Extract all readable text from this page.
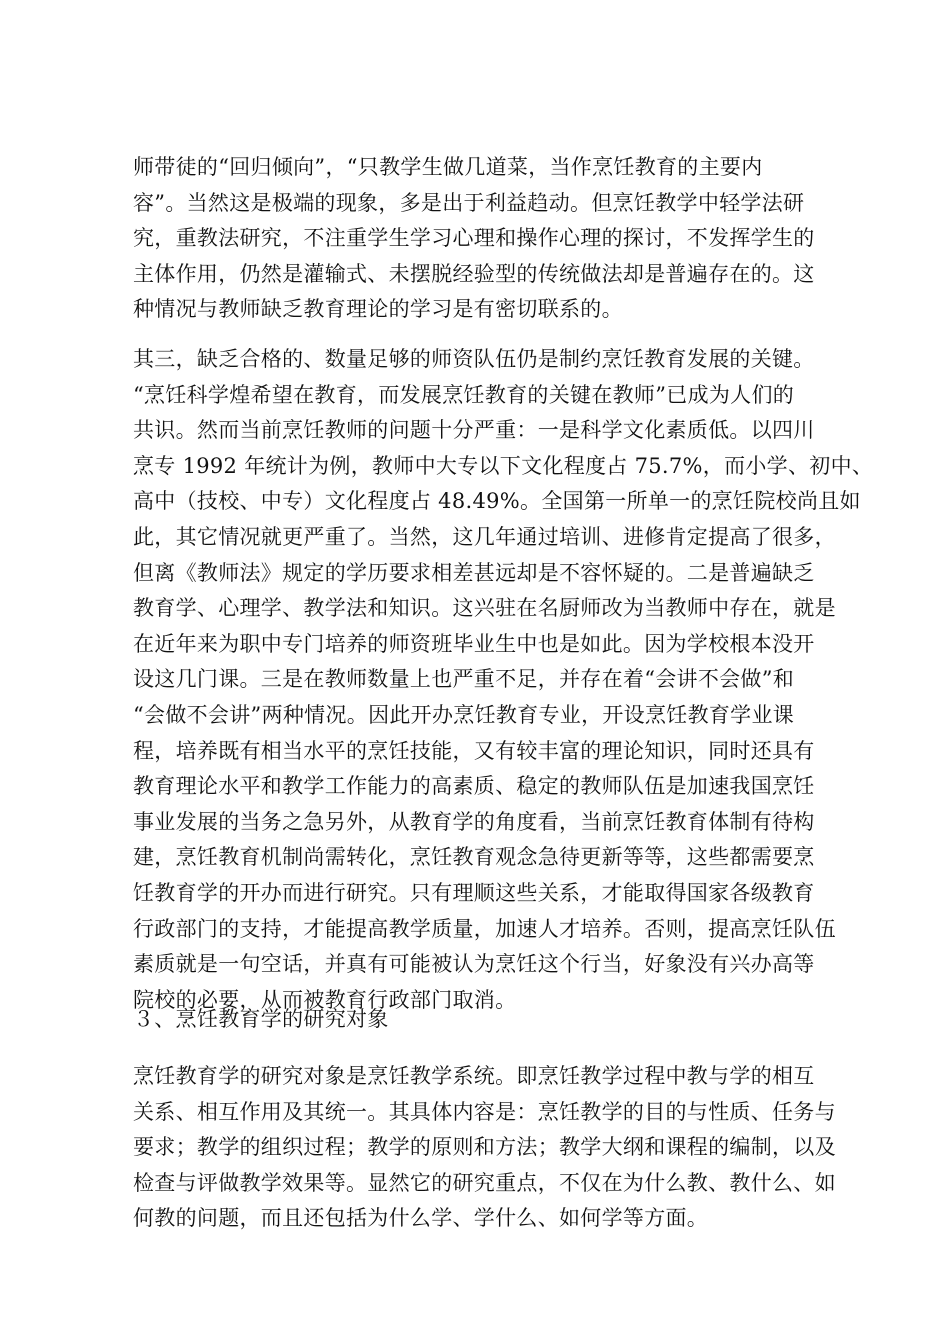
师带徒的“回归倾向”，“只教学生做几道菜，当作烹饪教育的主要内
容”。当然这是极端的现象，多是出于利益趋动。但烹饪教学中轻学法研
究，重教法研究，不注重学生学习心理和操作心理的探讨，不发挥学生的
主体作用，仍然是灌输式、未摆脱经验型的传统做法却是普遍存在的。这
种情况与教师缺乏教育理论的学习是有密切联系的。
其三，缺乏合格的、数量足够的师资队伍仍是制约烹饪教育发展的关键。
“烹饪科学煌希望在教育，而发展烹饪教育的关键在教师”已成为人们的
共识。然而当前烹饪教师的问题十分严重：一是科学文化素质低。以四川
烹专 1992 年统计为例，教师中大专以下文化程度占 75.7%，而小学、初中、
高中（技校、中专）文化程度占 48.49%。全国第一所单一的烹饪院校尚且如
此，其它情况就更严重了。当然，这几年通过培训、进修肯定提高了很多，
但离《教师法》规定的学历要求相差甚远却是不容怀疑的。二是普遍缺乏
教育学、心理学、教学法和知识。这兴驻在名厨师改为当教师中存在，就是
在近年来为职中专门培养的师资班毕业生中也是如此。因为学校根本没开
设这几门课。三是在教师数量上也严重不足，并存在着“会讲不会做”和
“会做不会讲”两种情况。因此开办烹饪教育专业，开设烹饪教育学业课
程，培养既有相当水平的烹饪技能，又有较丰富的理论知识，同时还具有
教育理论水平和教学工作能力的高素质、稳定的教师队伍是加速我国烹饪
事业发展的当务之急另外，从教育学的角度看，当前烹饪教育体制有待构
建，烹饪教育机制尚需转化，烹饪教育观念急待更新等等，这些都需要烹
饪教育学的开办而进行研究。只有理顺这些关系，才能取得国家各级教育
行政部门的支持，才能提高教学质量，加速人才培养。否则，提高烹饪队伍
素质就是一句空话，并真有可能被认为烹饪这个行当，好象没有兴办高等
院校的必要，从而被教育行政部门取消。
３、烹饪教育学的研究对象
烹饪教育学的研究对象是烹饪教学系统。即烹饪教学过程中教与学的相互
关系、相互作用及其统一。其具体内容是：烹饪教学的目的与性质、任务与
要求；教学的组织过程；教学的原则和方法；教学大纲和课程的编制，以及
检查与评做教学效果等。显然它的研究重点，不仅在为什么教、教什么、如
何教的问题，而且还包括为什么学、学什么、如何学等方面。
